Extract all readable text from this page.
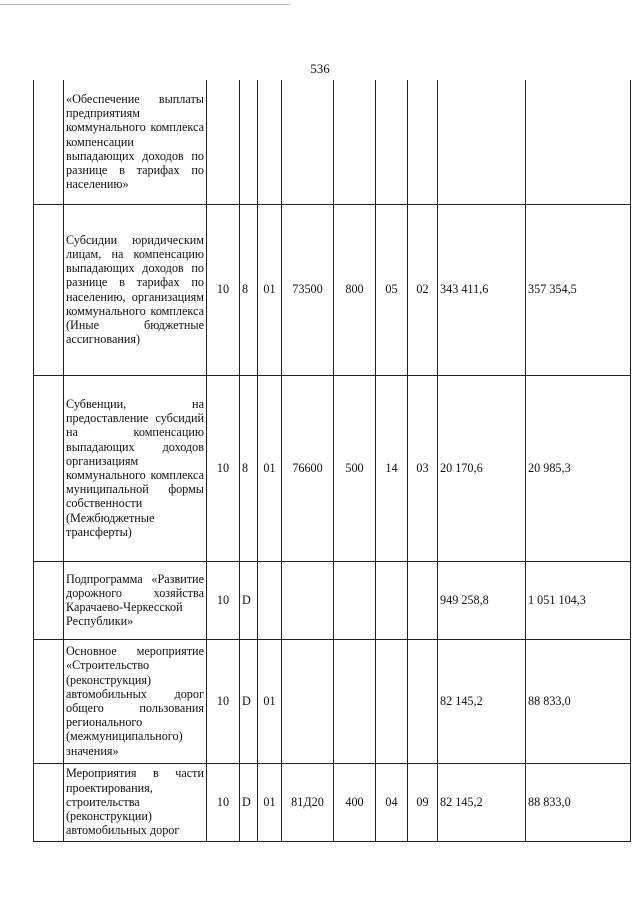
536
	«Обеспечение выплаты предприятиям коммунального комплекса компенсации выпадающих доходов по разнице в тарифах по населению»									
	Субсидии юридическим лицам, на компенсацию выпадающих доходов по разнице в тарифах по населению, организациям коммунального комплекса (Иные бюджетные ассигнования)	10	8	01	73500	800	05	02	343 411,6	357 354,5
	Субвенции, на предоставление субсидий на компенсацию выпадающих доходов организациям коммунального комплекса муниципальной формы собственности (Межбюджетные трансферты)	10	8	01	76600	500	14	03	20 170,6	20 985,3
	Подпрограмма «Развитие дорожного хозяйства Карачаево-Черкесской Республики»	10	D						949 258,8	1 051 104,3
	Основное мероприятие «Строительство (реконструкция) автомобильных дорог общего пользования регионального (межмуниципального) значения»	10	D	01					82 145,2	88 833,0
	Мероприятия в части проектирования, строительства (реконструкции) автомобильных дорог	10	D	01	81Д20	400	04	09	82 145,2	88 833,0
